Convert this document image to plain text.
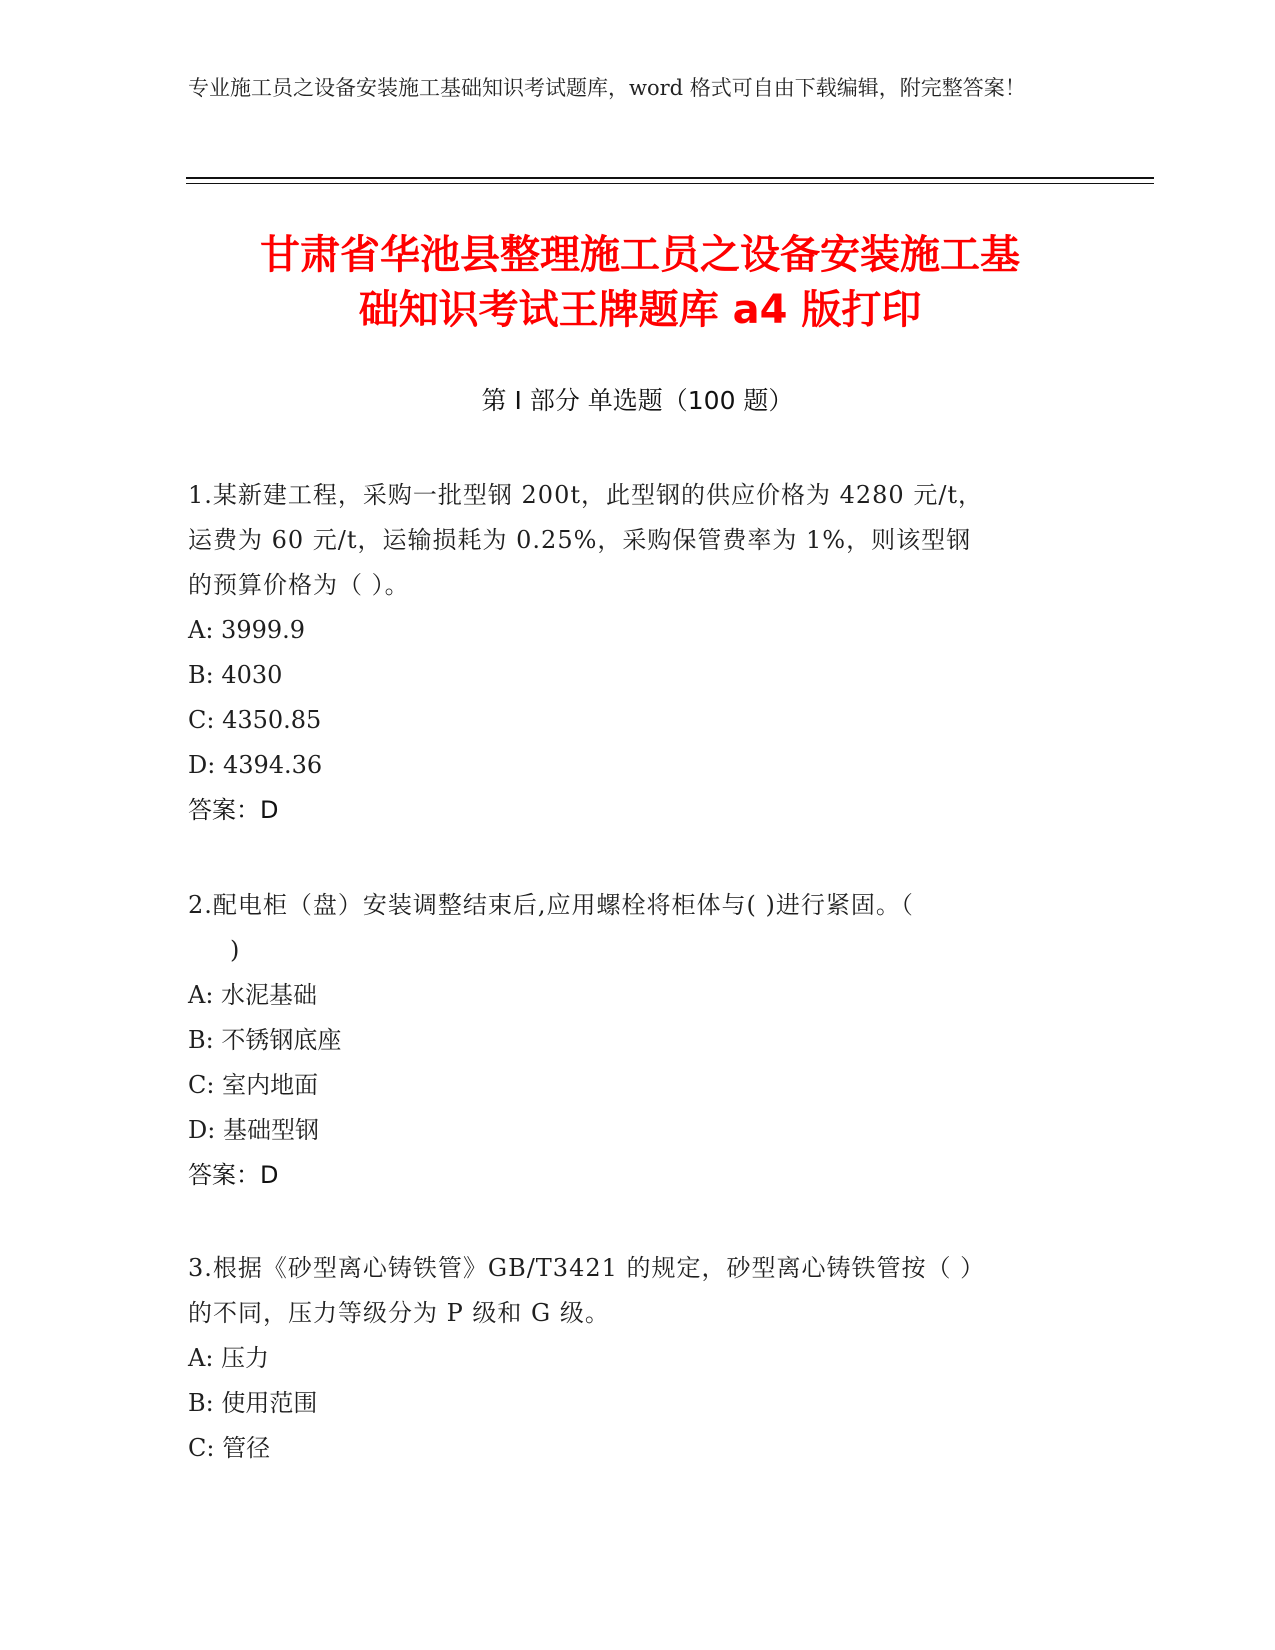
专业施工员之设备安装施工基础知识考试题库，word 格式可自由下载编辑，附完整答案！
甘肃省华池县整理施工员之设备安装施工基
础知识考试王牌题库 a4 版打印
第 I 部分 单选题（100 题）
1.某新建工程，采购一批型钢 200t，此型钢的供应价格为 4280 元/t，
运费为 60 元/t，运输损耗为 0.25%，采购保管费率为 1%，则该型钢
的预算价格为（ ）。
A: 3999.9
B: 4030
C: 4350.85
D: 4394.36
答案：D
2.配电柜（盘）安装调整结束后,应用螺栓将柜体与( )进行紧固。（
)
A: 水泥基础
B: 不锈钢底座
C: 室内地面
D: 基础型钢
答案：D
3.根据《砂型离心铸铁管》GB/T3421 的规定，砂型离心铸铁管按（ ）
的不同，压力等级分为 P 级和 G 级。
A: 压力
B: 使用范围
C: 管径
